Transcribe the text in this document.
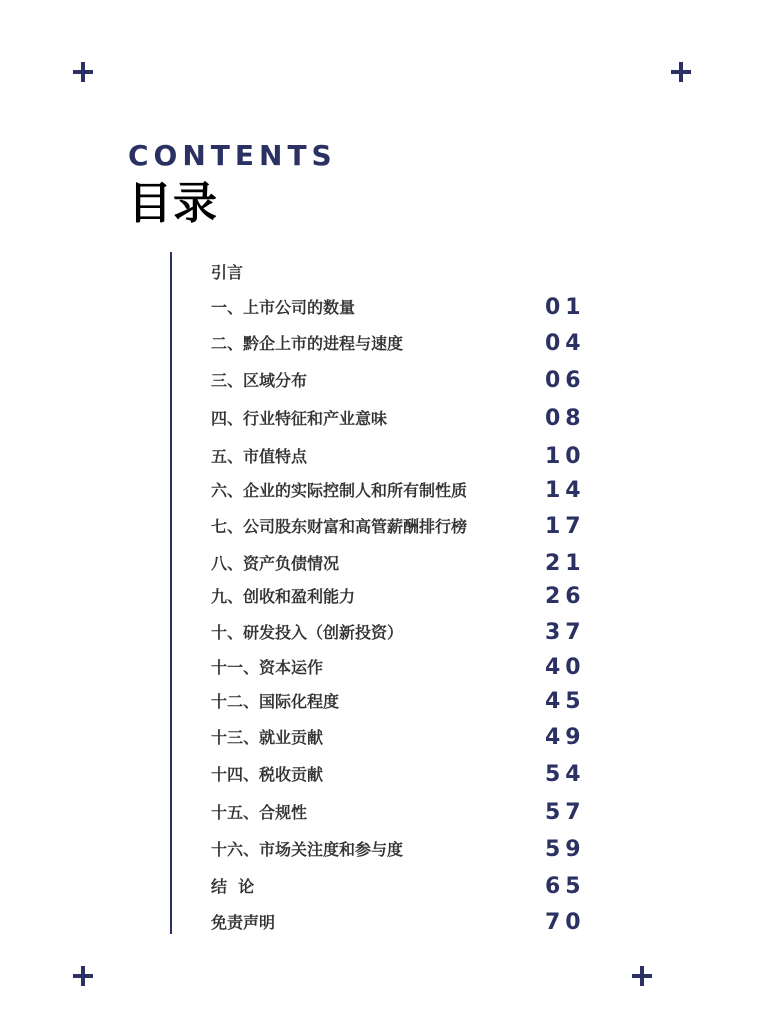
CONTENTS
目录
引言
一、上市公司的数量	01
二、黔企上市的进程与速度	04
三、区域分布	06
四、行业特征和产业意味	08
五、市值特点	10
六、企业的实际控制人和所有制性质	14
七、公司股东财富和高管薪酬排行榜	17
八、资产负债情况	21
九、创收和盈利能力	26
十、研发投入（创新投资）	37
十一、资本运作	40
十二、国际化程度	45
十三、就业贡献	49
十四、税收贡献	54
十五、合规性	57
十六、市场关注度和参与度	59
结  论	65
免责声明	70
